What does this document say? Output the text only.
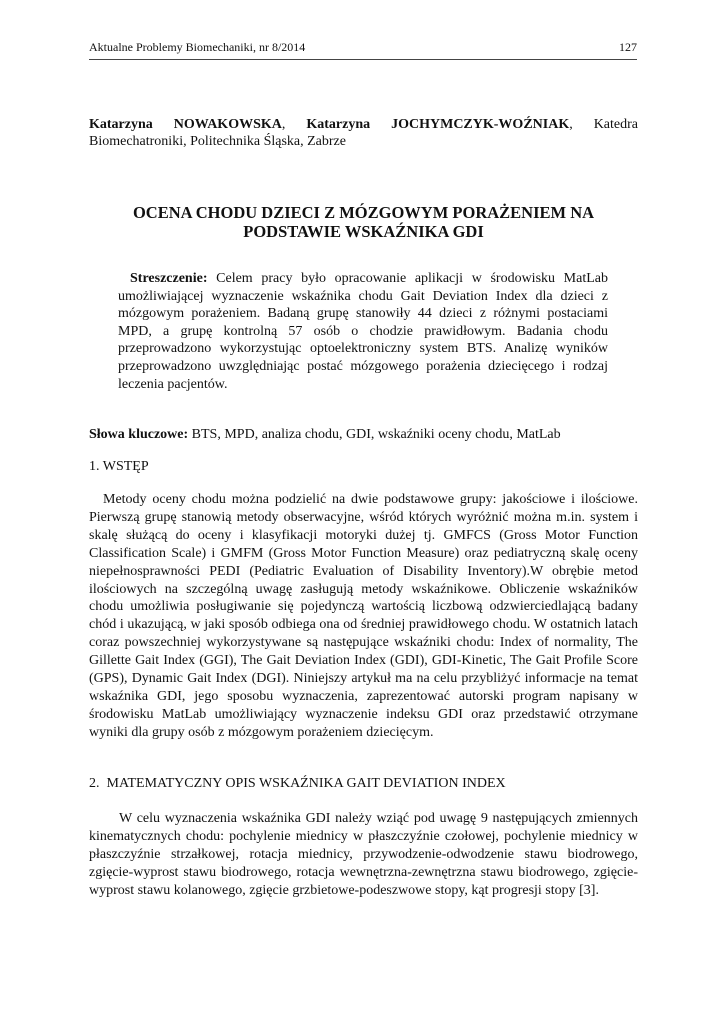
Aktualne Problemy Biomechaniki, nr 8/2014	127
Katarzyna NOWAKOWSKA, Katarzyna JOCHYMCZYK-WOŹNIAK, Katedra Biomechatroniki, Politechnika Śląska, Zabrze
OCENA CHODU DZIECI Z MÓZGOWYM PORAŻENIEM NA PODSTAWIE WSKAŹNIKA GDI
Streszczenie: Celem pracy było opracowanie aplikacji w środowisku MatLab umożliwiającej wyznaczenie wskaźnika chodu Gait Deviation Index dla dzieci z mózgowym porażeniem. Badaną grupę stanowiły 44 dzieci z różnymi postaciami MPD, a grupę kontrolną 57 osób o chodzie prawidłowym. Badania chodu przeprowadzono wykorzystując optoelektroniczny system BTS. Analizę wyników przeprowadzono uwzględniając postać mózgowego porażenia dziecięcego i rodzaj leczenia pacjentów.
Słowa kluczowe: BTS, MPD, analiza chodu, GDI, wskaźniki oceny chodu, MatLab
1. WSTĘP
Metody oceny chodu można podzielić na dwie podstawowe grupy: jakościowe i ilościowe. Pierwszą grupę stanowią metody obserwacyjne, wśród których wyróżnić można m.in. system i skalę służącą do oceny i klasyfikacji motoryki dużej tj. GMFCS (Gross Motor Function Classification Scale) i GMFM (Gross Motor Function Measure) oraz pediatryczną skalę oceny niepełnosprawności PEDI (Pediatric Evaluation of Disability Inventory).W obrębie metod ilościowych na szczególną uwagę zasługują metody wskaźnikowe. Obliczenie wskaźników chodu umożliwia posługiwanie się pojedynczą wartością liczbową odzwierciedlającą badany chód i ukazującą, w jaki sposób odbiega ona od średniej prawidłowego chodu. W ostatnich latach coraz powszechniej wykorzystywane są następujące wskaźniki chodu: Index of normality, The Gillette Gait Index (GGI), The Gait Deviation Index (GDI), GDI-Kinetic, The Gait Profile Score (GPS), Dynamic Gait Index (DGI). Niniejszy artykuł ma na celu przybliżyć informacje na temat wskaźnika GDI, jego sposobu wyznaczenia, zaprezentować autorski program napisany w środowisku MatLab umożliwiający wyznaczenie indeksu GDI oraz przedstawić otrzymane wyniki dla grupy osób z mózgowym porażeniem dziecięcym.
2.  MATEMATYCZNY OPIS WSKAŹNIKA GAIT DEVIATION INDEX
W celu wyznaczenia wskaźnika GDI należy wziąć pod uwagę 9 następujących zmiennych kinematycznych chodu: pochylenie miednicy w płaszczyźnie czołowej, pochylenie miednicy w płaszczyźnie strzałkowej, rotacja miednicy, przywodzenie-odwodzenie stawu biodrowego, zgięcie-wyprost stawu biodrowego, rotacja wewnętrzna-zewnętrzna stawu biodrowego, zgięcie-wyprost stawu kolanowego, zgięcie grzbietowe-podeszwowe stopy, kąt progresji stopy [3].
